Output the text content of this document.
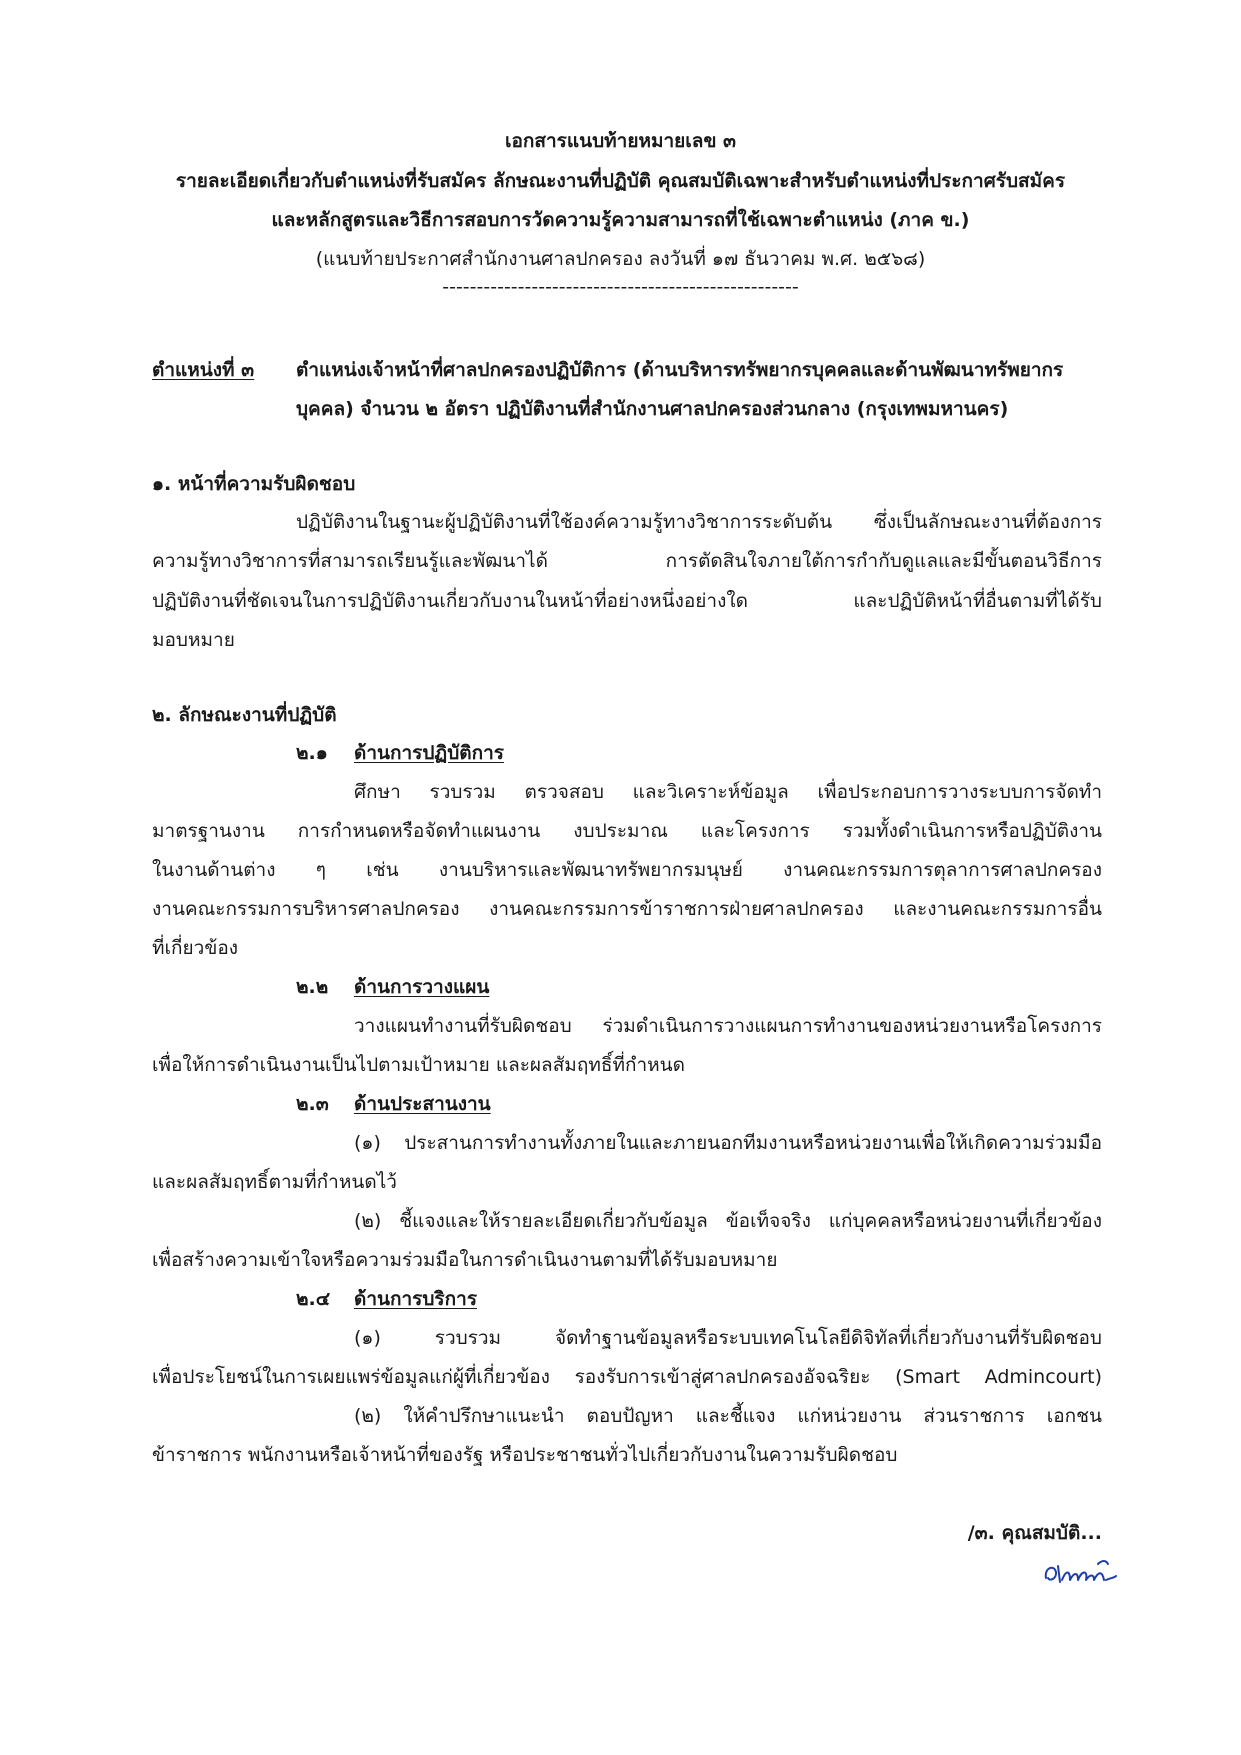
เอกสารแนบท้ายหมายเลข ๓
รายละเอียดเกี่ยวกับตำแหน่งที่รับสมัคร ลักษณะงานที่ปฏิบัติ คุณสมบัติเฉพาะสำหรับตำแหน่งที่ประกาศรับสมัคร
และหลักสูตรและวิธีการสอบการวัดความรู้ความสามารถที่ใช้เฉพาะตำแหน่ง (ภาค ข.)
(แนบท้ายประกาศสำนักงานศาลปกครอง ลงวันที่ ๑๗ ธันวาคม พ.ศ. ๒๕๖๘)
----------------------------------------------------
ตำแหน่งที่ ๓ ตำแหน่งเจ้าหน้าที่ศาลปกครองปฏิบัติการ (ด้านบริหารทรัพยากรบุคคลและด้านพัฒนาทรัพยากร
บุคคล) จำนวน ๒ อัตรา ปฏิบัติงานที่สำนักงานศาลปกครองส่วนกลาง (กรุงเทพมหานคร)
๑. หน้าที่ความรับผิดชอบ
ปฏิบัติงานในฐานะผู้ปฏิบัติงานที่ใช้องค์ความรู้ทางวิชาการระดับต้น ซึ่งเป็นลักษณะงานที่ต้องการ
ความรู้ทางวิชาการที่สามารถเรียนรู้และพัฒนาได้ การตัดสินใจภายใต้การกำกับดูแลและมีขั้นตอนวิธีการ
ปฏิบัติงานที่ชัดเจนในการปฏิบัติงานเกี่ยวกับงานในหน้าที่อย่างหนึ่งอย่างใด และปฏิบัติหน้าที่อื่นตามที่ได้รับ
มอบหมาย
๒. ลักษณะงานที่ปฏิบัติ
๒.๑ ด้านการปฏิบัติการ
ศึกษา รวบรวม ตรวจสอบ และวิเคราะห์ข้อมูล เพื่อประกอบการวางระบบการจัดทำ
มาตรฐานงาน การกำหนดหรือจัดทำแผนงาน งบประมาณ และโครงการ รวมทั้งดำเนินการหรือปฏิบัติงาน
ในงานด้านต่าง ๆ เช่น งานบริหารและพัฒนาทรัพยากรมนุษย์ งานคณะกรรมการตุลาการศาลปกครอง
งานคณะกรรมการบริหารศาลปกครอง งานคณะกรรมการข้าราชการฝ่ายศาลปกครอง และงานคณะกรรมการอื่น
ที่เกี่ยวข้อง
๒.๒ ด้านการวางแผน
วางแผนทำงานที่รับผิดชอบ ร่วมดำเนินการวางแผนการทำงานของหน่วยงานหรือโครงการ
เพื่อให้การดำเนินงานเป็นไปตามเป้าหมาย และผลสัมฤทธิ์ที่กำหนด
๒.๓ ด้านประสานงาน
(๑) ประสานการทำงานทั้งภายในและภายนอกทีมงานหรือหน่วยงานเพื่อให้เกิดความร่วมมือ
และผลสัมฤทธิ์ตามที่กำหนดไว้
(๒) ชี้แจงและให้รายละเอียดเกี่ยวกับข้อมูล ข้อเท็จจริง แก่บุคคลหรือหน่วยงานที่เกี่ยวข้อง
เพื่อสร้างความเข้าใจหรือความร่วมมือในการดำเนินงานตามที่ได้รับมอบหมาย
๒.๔ ด้านการบริการ
(๑) รวบรวม จัดทำฐานข้อมูลหรือระบบเทคโนโลยีดิจิทัลที่เกี่ยวกับงานที่รับผิดชอบ
เพื่อประโยชน์ในการเผยแพร่ข้อมูลแก่ผู้ที่เกี่ยวข้อง รองรับการเข้าสู่ศาลปกครองอัจฉริยะ (Smart Admincourt)
(๒) ให้คำปรึกษาแนะนำ ตอบปัญหา และชี้แจง แก่หน่วยงาน ส่วนราชการ เอกชน
ข้าราชการ พนักงานหรือเจ้าหน้าที่ของรัฐ หรือประชาชนทั่วไปเกี่ยวกับงานในความรับผิดชอบ
/๓. คุณสมบัติ...
